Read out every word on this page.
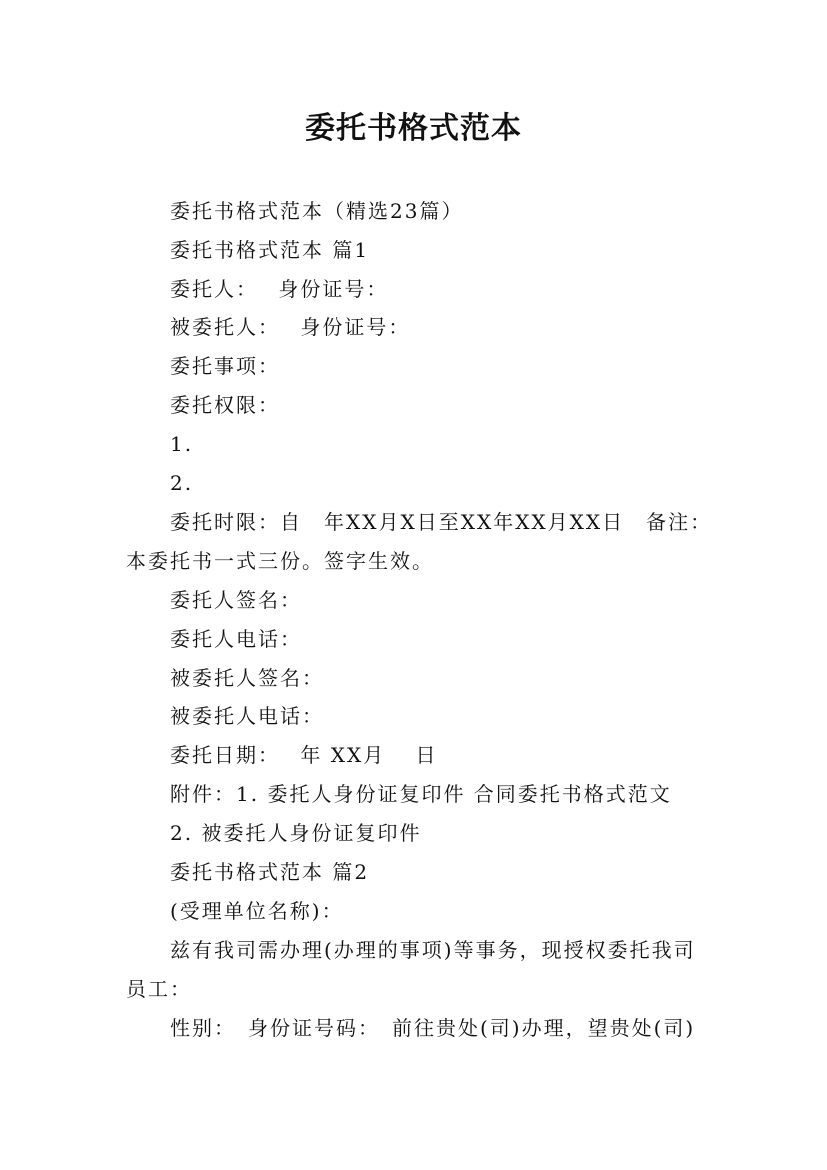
委托书格式范本
委托书格式范本（精选23篇）
委托书格式范本 篇1
委托人：　 身份证号：
被委托人：　 身份证号：
委托事项：
委托权限：
1.
2.
委托时限：自　年XX月X日至XX年XX月XX日　备注：
本委托书一式三份。签字生效。
委托人签名：
委托人电话：
被委托人签名：
被委托人电话：
委托日期：　 年 XX月　 日
附件：1. 委托人身份证复印件 合同委托书格式范文
2. 被委托人身份证复印件
委托书格式范本 篇2
(受理单位名称)：
兹有我司需办理(办理的事项)等事务，现授权委托我司
员工：
性别：　身份证号码：　前往贵处(司)办理，望贵处(司)
